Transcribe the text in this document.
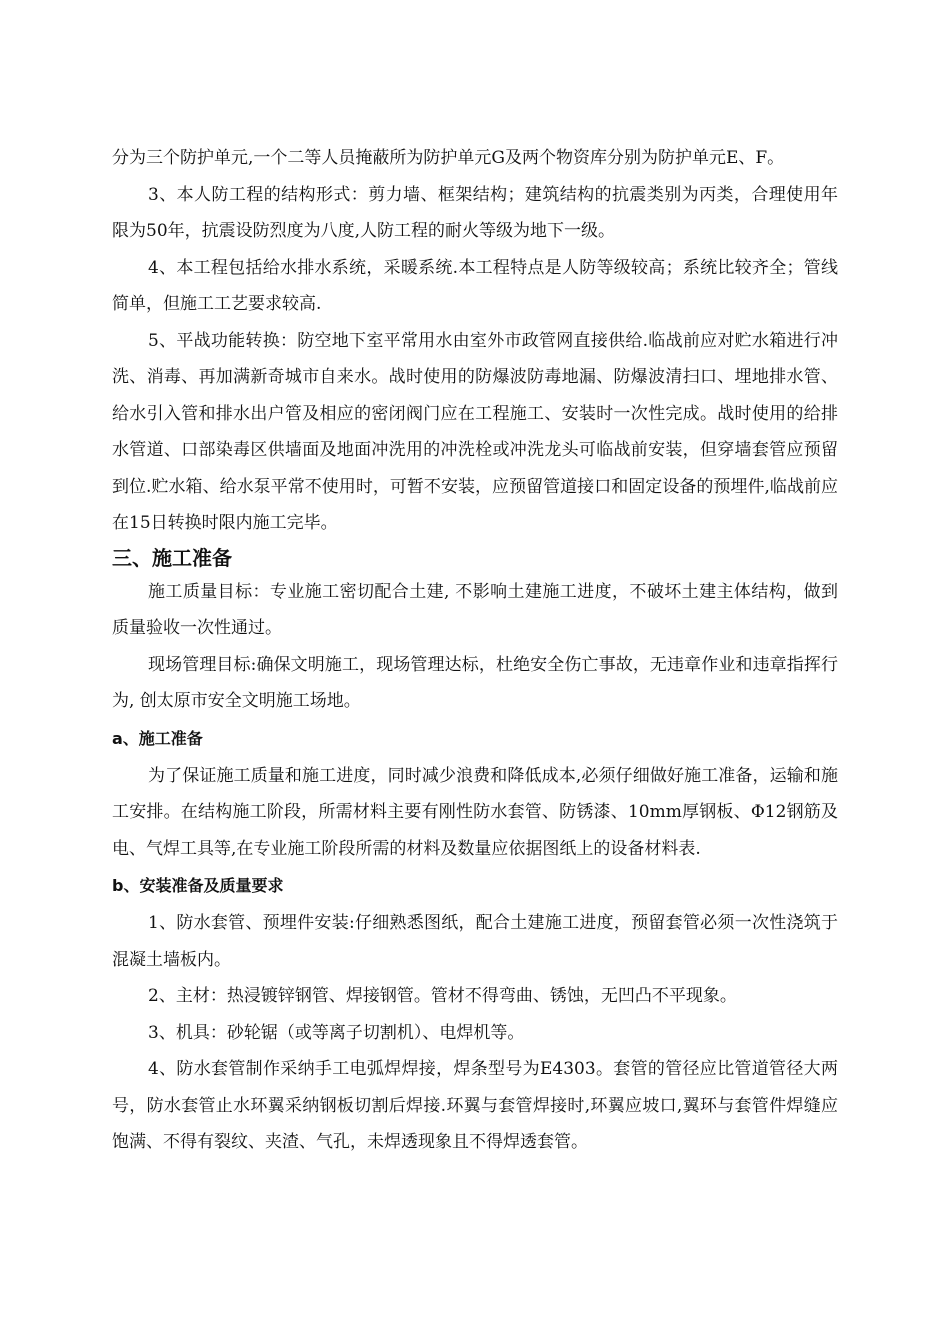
分为三个防护单元,一个二等人员掩蔽所为防护单元G及两个物资库分别为防护单元E、F。

3、本人防工程的结构形式：剪力墙、框架结构；建筑结构的抗震类别为丙类，合理使用年限为50年，抗震设防烈度为八度,人防工程的耐火等级为地下一级。

4、本工程包括给水排水系统，采暖系统.本工程特点是人防等级较高；系统比较齐全；管线简单，但施工工艺要求较高.

5、平战功能转换：防空地下室平常用水由室外市政管网直接供给.临战前应对贮水箱进行冲洗、消毒、再加满新奇城市自来水。战时使用的防爆波防毒地漏、防爆波清扫口、埋地排水管、给水引入管和排水出户管及相应的密闭阀门应在工程施工、安装时一次性完成。战时使用的给排水管道、口部染毒区供墙面及地面冲洗用的冲洗栓或冲洗龙头可临战前安装，但穿墙套管应预留到位.贮水箱、给水泵平常不使用时，可暂不安装，应预留管道接口和固定设备的预埋件,临战前应在15日转换时限内施工完毕。

三、施工准备

施工质量目标：专业施工密切配合土建, 不影响土建施工进度，不破坏土建主体结构，做到质量验收一次性通过。

现场管理目标:确保文明施工，现场管理达标，杜绝安全伤亡事故，无违章作业和违章指挥行为, 创太原市安全文明施工场地。

a、施工准备

为了保证施工质量和施工进度，同时减少浪费和降低成本,必须仔细做好施工准备，运输和施工安排。在结构施工阶段，所需材料主要有刚性防水套管、防锈漆、10mm厚钢板、Φ12钢筋及电、气焊工具等,在专业施工阶段所需的材料及数量应依据图纸上的设备材料表.

b、安装准备及质量要求

1、防水套管、预埋件安装:仔细熟悉图纸，配合土建施工进度，预留套管必须一次性浇筑于混凝土墙板内。

2、主材：热浸镀锌钢管、焊接钢管。管材不得弯曲、锈蚀，无凹凸不平现象。

3、机具：砂轮锯（或等离子切割机）、电焊机等。

4、防水套管制作采纳手工电弧焊焊接，焊条型号为E4303。套管的管径应比管道管径大两号，防水套管止水环翼采纳钢板切割后焊接.环翼与套管焊接时,环翼应坡口,翼环与套管件焊缝应饱满、不得有裂纹、夹渣、气孔，未焊透现象且不得焊透套管。
